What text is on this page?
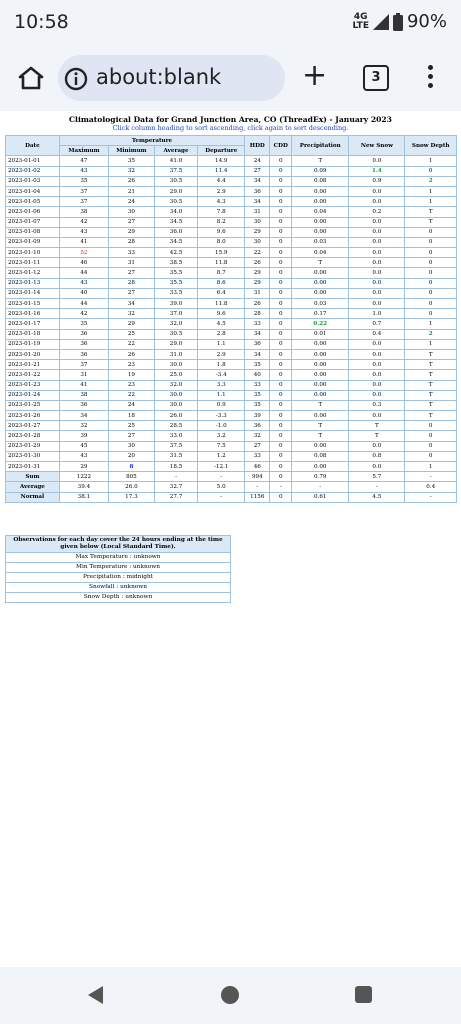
10:58	4G
LTE 90%
about:blank	+	3
Climatological Data for Grand Junction Area, CO (ThreadEx) - January 2023
Click column heading to sort ascending, click again to sort descending.
Date	Temperature				HDD	CDD	Precipitation	New Snow	Snow Depth
	Maximum	Minimum	Average	Departure					
2023-01-01	47	35	41.0	14.9	24	0	T	0.0	1
2023-01-02	43	32	37.5	11.4	27	0	0.09	1.4	0
2023-01-03	35	26	30.5	4.4	34	0	0.08	0.9	2
2023-01-04	37	21	29.0	2.9	36	0	0.00	0.0	1
2023-01-05	37	24	30.5	4.3	34	0	0.00	0.0	1
2023-01-06	38	30	34.0	7.8	31	0	0.04	0.2	T
2023-01-07	42	27	34.5	8.2	30	0	0.00	0.0	T
2023-01-08	43	29	36.0	9.6	29	0	0.00	0.0	0
2023-01-09	41	28	34.5	8.0	30	0	0.03	0.0	0
2023-01-10	52	33	42.5	15.9	22	0	0.04	0.0	0
2023-01-11	46	31	38.5	11.8	26	0	T	0.0	0
2023-01-12	44	27	35.5	8.7	29	0	0.00	0.0	0
2023-01-13	43	28	35.5	8.6	29	0	0.00	0.0	0
2023-01-14	40	27	33.5	6.4	31	0	0.00	0.0	0
2023-01-15	44	34	39.0	11.8	26	0	0.03	0.0	0
2023-01-16	42	32	37.0	9.6	28	0	0.17	1.0	0
2023-01-17	35	29	32.0	4.5	33	0	0.22	0.7	1
2023-01-18	36	25	30.5	2.8	34	0	0.01	0.4	2
2023-01-19	36	22	29.0	1.1	36	0	0.00	0.0	1
2023-01-20	36	26	31.0	2.9	34	0	0.00	0.0	T
2023-01-21	37	23	30.0	1.8	35	0	0.00	0.0	T
2023-01-22	31	19	25.0	-3.4	40	0	0.00	0.0	T
2023-01-23	41	23	32.0	3.3	33	0	0.00	0.0	T
2023-01-24	38	22	30.0	1.1	35	0	0.00	0.0	T
2023-01-25	36	24	30.0	0.9	35	0	T	0.3	T
2023-01-26	34	18	26.0	-3.3	39	0	0.00	0.0	T
2023-01-27	32	25	28.5	-1.0	36	0	T	T	0
2023-01-28	39	27	33.0	3.2	32	0	T	T	0
2023-01-29	45	30	37.5	7.5	27	0	0.00	0.0	0
2023-01-30	43	20	31.5	1.2	33	0	0.08	0.8	0
2023-01-31	29	8	18.5	-12.1	46	0	0.00	0.0	1
Sum	1222	805	-	-	994	0	0.79	5.7	-
Average	39.4	26.0	32.7	5.0	-	-	-	-	0.4
Normal	38.1	17.3	27.7	-	1156	0	0.61	4.5	-
Observations for each day cover the 24 hours ending at the time given below (Local Standard Time).
Max Temperature : unknown
Min Temperature : unknown
Precipitation : midnight
Snowfall : unknown
Snow Depth : unknown
